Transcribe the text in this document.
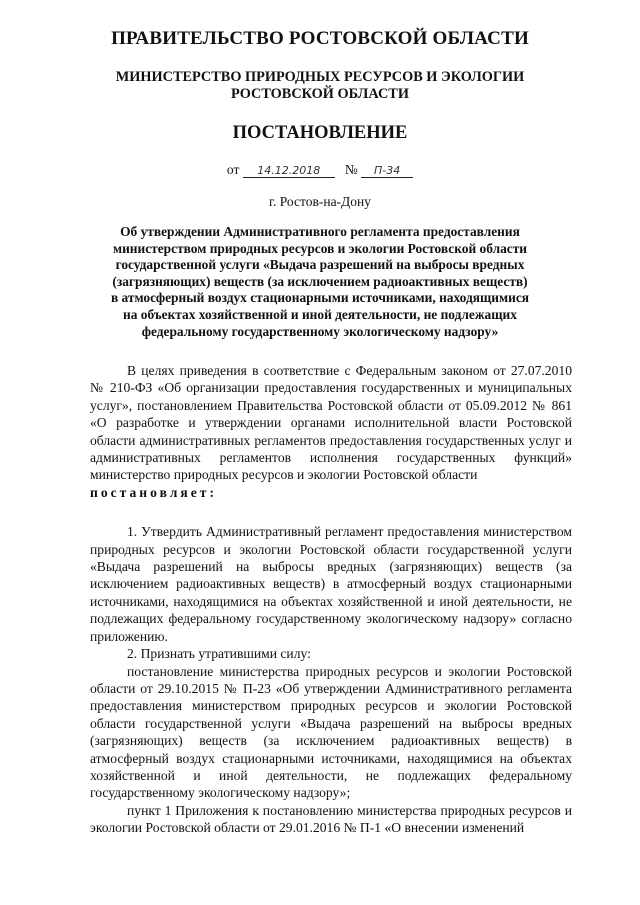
ПРАВИТЕЛЬСТВО РОСТОВСКОЙ ОБЛАСТИ
МИНИСТЕРСТВО ПРИРОДНЫХ РЕСУРСОВ И ЭКОЛОГИИ
РОСТОВСКОЙ ОБЛАСТИ
ПОСТАНОВЛЕНИЕ
от 14.12.2018 № П-34
г. Ростов-на-Дону
Об утверждении Административного регламента предоставления
министерством природных ресурсов и экологии Ростовской области
государственной услуги «Выдача разрешений на выбросы вредных
(загрязняющих) веществ (за исключением радиоактивных веществ)
в атмосферный воздух стационарными источниками, находящимися
на объектах хозяйственной и иной деятельности, не подлежащих
федеральному государственному экологическому надзору»

В целях приведения в соответствие с Федеральным законом от 27.07.2010 № 210-ФЗ «Об организации предоставления государственных и муниципальных услуг», постановлением Правительства Ростовской области от 05.09.2012 № 861 «О разработке и утверждении органами исполнительной власти Ростовской области административных регламентов предоставления государственных услуг и административных регламентов исполнения государственных функций» министерство природных ресурсов и экологии Ростовской области

постановляет:

1. Утвердить Административный регламент предоставления министерством природных ресурсов и экологии Ростовской области государственной услуги «Выдача разрешений на выбросы вредных (загрязняющих) веществ (за исключением радиоактивных веществ) в атмосферный воздух стационарными источниками, находящимися на объектах хозяйственной и иной деятельности, не подлежащих федеральному государственному экологическому надзору» согласно приложению.

2. Признать утратившими силу:

постановление министерства природных ресурсов и экологии Ростовской области от 29.10.2015 № П-23 «Об утверждении Административного регламента предоставления министерством природных ресурсов и экологии Ростовской области государственной услуги «Выдача разрешений на выбросы вредных (загрязняющих) веществ (за исключением радиоактивных веществ) в атмосферный воздух стационарными источниками, находящимися на объектах хозяйственной и иной деятельности, не подлежащих федеральному государственному экологическому надзору»;

пункт 1 Приложения к постановлению министерства природных ресурсов и экологии Ростовской области от 29.01.2016 № П-1 «О внесении изменений
